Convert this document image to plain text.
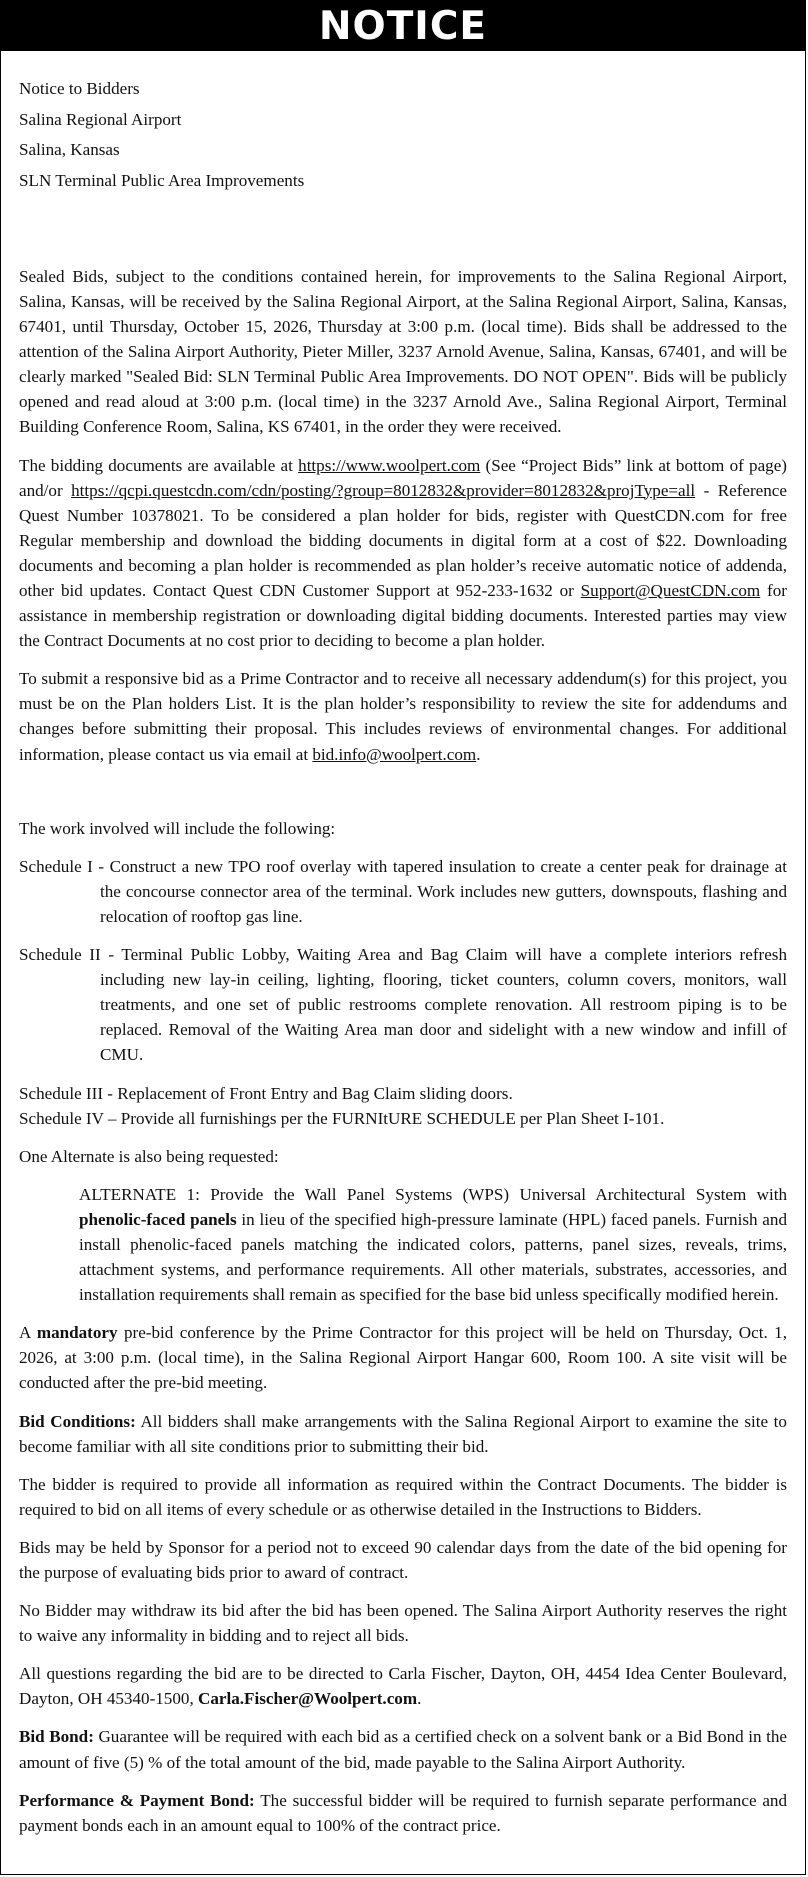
NOTICE
Notice to Bidders
Salina Regional Airport
Salina, Kansas
SLN Terminal Public Area Improvements

Sealed Bids, subject to the conditions contained herein, for improvements to the Salina Regional Airport, Salina, Kansas, will be received by the Salina Regional Airport, at the Salina Regional Airport, Salina, Kansas, 67401, until Thursday, October 15, 2026, Thursday at 3:00 p.m. (local time). Bids shall be addressed to the attention of the Salina Airport Authority, Pieter Miller, 3237 Arnold Avenue, Salina, Kansas, 67401, and will be clearly marked "Sealed Bid: SLN Terminal Public Area Improvements. DO NOT OPEN". Bids will be publicly opened and read aloud at 3:00 p.m. (local time) in the 3237 Arnold Ave., Salina Regional Airport, Terminal Building Conference Room, Salina, KS 67401, in the order they were received.

The bidding documents are available at https://www.woolpert.com (See “Project Bids” link at bottom of page) and/or https://qcpi.questcdn.com/cdn/posting/?group=8012832&provider=8012832&projType=all - Reference Quest Number 10378021. To be considered a plan holder for bids, register with QuestCDN.com for free Regular membership and download the bidding documents in digital form at a cost of $22. Downloading documents and becoming a plan holder is recommended as plan holder’s receive automatic notice of addenda, other bid updates. Contact Quest CDN Customer Support at 952-233-1632 or Support@QuestCDN.com for assistance in membership registration or downloading digital bidding documents. Interested parties may view the Contract Documents at no cost prior to deciding to become a plan holder.

To submit a responsive bid as a Prime Contractor and to receive all necessary addendum(s) for this project, you must be on the Plan holders List. It is the plan holder’s responsibility to review the site for addendums and changes before submitting their proposal. This includes reviews of environmental changes. For additional information, please contact us via email at bid.info@woolpert.com.

The work involved will include the following:

Schedule I - Construct a new TPO roof overlay with tapered insulation to create a center peak for drainage at the concourse connector area of the terminal. Work includes new gutters, downspouts, flashing and relocation of rooftop gas line.

Schedule II - Terminal Public Lobby, Waiting Area and Bag Claim will have a complete interiors refresh including new lay-in ceiling, lighting, flooring, ticket counters, column covers, monitors, wall treatments, and one set of public restrooms complete renovation. All restroom piping is to be replaced. Removal of the Waiting Area man door and sidelight with a new window and infill of CMU.

Schedule III - Replacement of Front Entry and Bag Claim sliding doors.

Schedule IV – Provide all furnishings per the FURNItURE SCHEDULE per Plan Sheet I-101.

One Alternate is also being requested:

ALTERNATE 1: Provide the Wall Panel Systems (WPS) Universal Architectural System with phenolic-faced panels in lieu of the specified high-pressure laminate (HPL) faced panels. Furnish and install phenolic-faced panels matching the indicated colors, patterns, panel sizes, reveals, trims, attachment systems, and performance requirements. All other materials, substrates, accessories, and installation requirements shall remain as specified for the base bid unless specifically modified herein.

A mandatory pre-bid conference by the Prime Contractor for this project will be held on Thursday, Oct. 1, 2026, at 3:00 p.m. (local time), in the Salina Regional Airport Hangar 600, Room 100. A site visit will be conducted after the pre-bid meeting.

Bid Conditions: All bidders shall make arrangements with the Salina Regional Airport to examine the site to become familiar with all site conditions prior to submitting their bid.

The bidder is required to provide all information as required within the Contract Documents. The bidder is required to bid on all items of every schedule or as otherwise detailed in the Instructions to Bidders.

Bids may be held by Sponsor for a period not to exceed 90 calendar days from the date of the bid opening for the purpose of evaluating bids prior to award of contract.

No Bidder may withdraw its bid after the bid has been opened. The Salina Airport Authority reserves the right to waive any informality in bidding and to reject all bids.

All questions regarding the bid are to be directed to Carla Fischer, Dayton, OH, 4454 Idea Center Boulevard, Dayton, OH 45340-1500, Carla.Fischer@Woolpert.com.

Bid Bond: Guarantee will be required with each bid as a certified check on a solvent bank or a Bid Bond in the amount of five (5) % of the total amount of the bid, made payable to the Salina Airport Authority.

Performance & Payment Bond: The successful bidder will be required to furnish separate performance and payment bonds each in an amount equal to 100% of the contract price.
